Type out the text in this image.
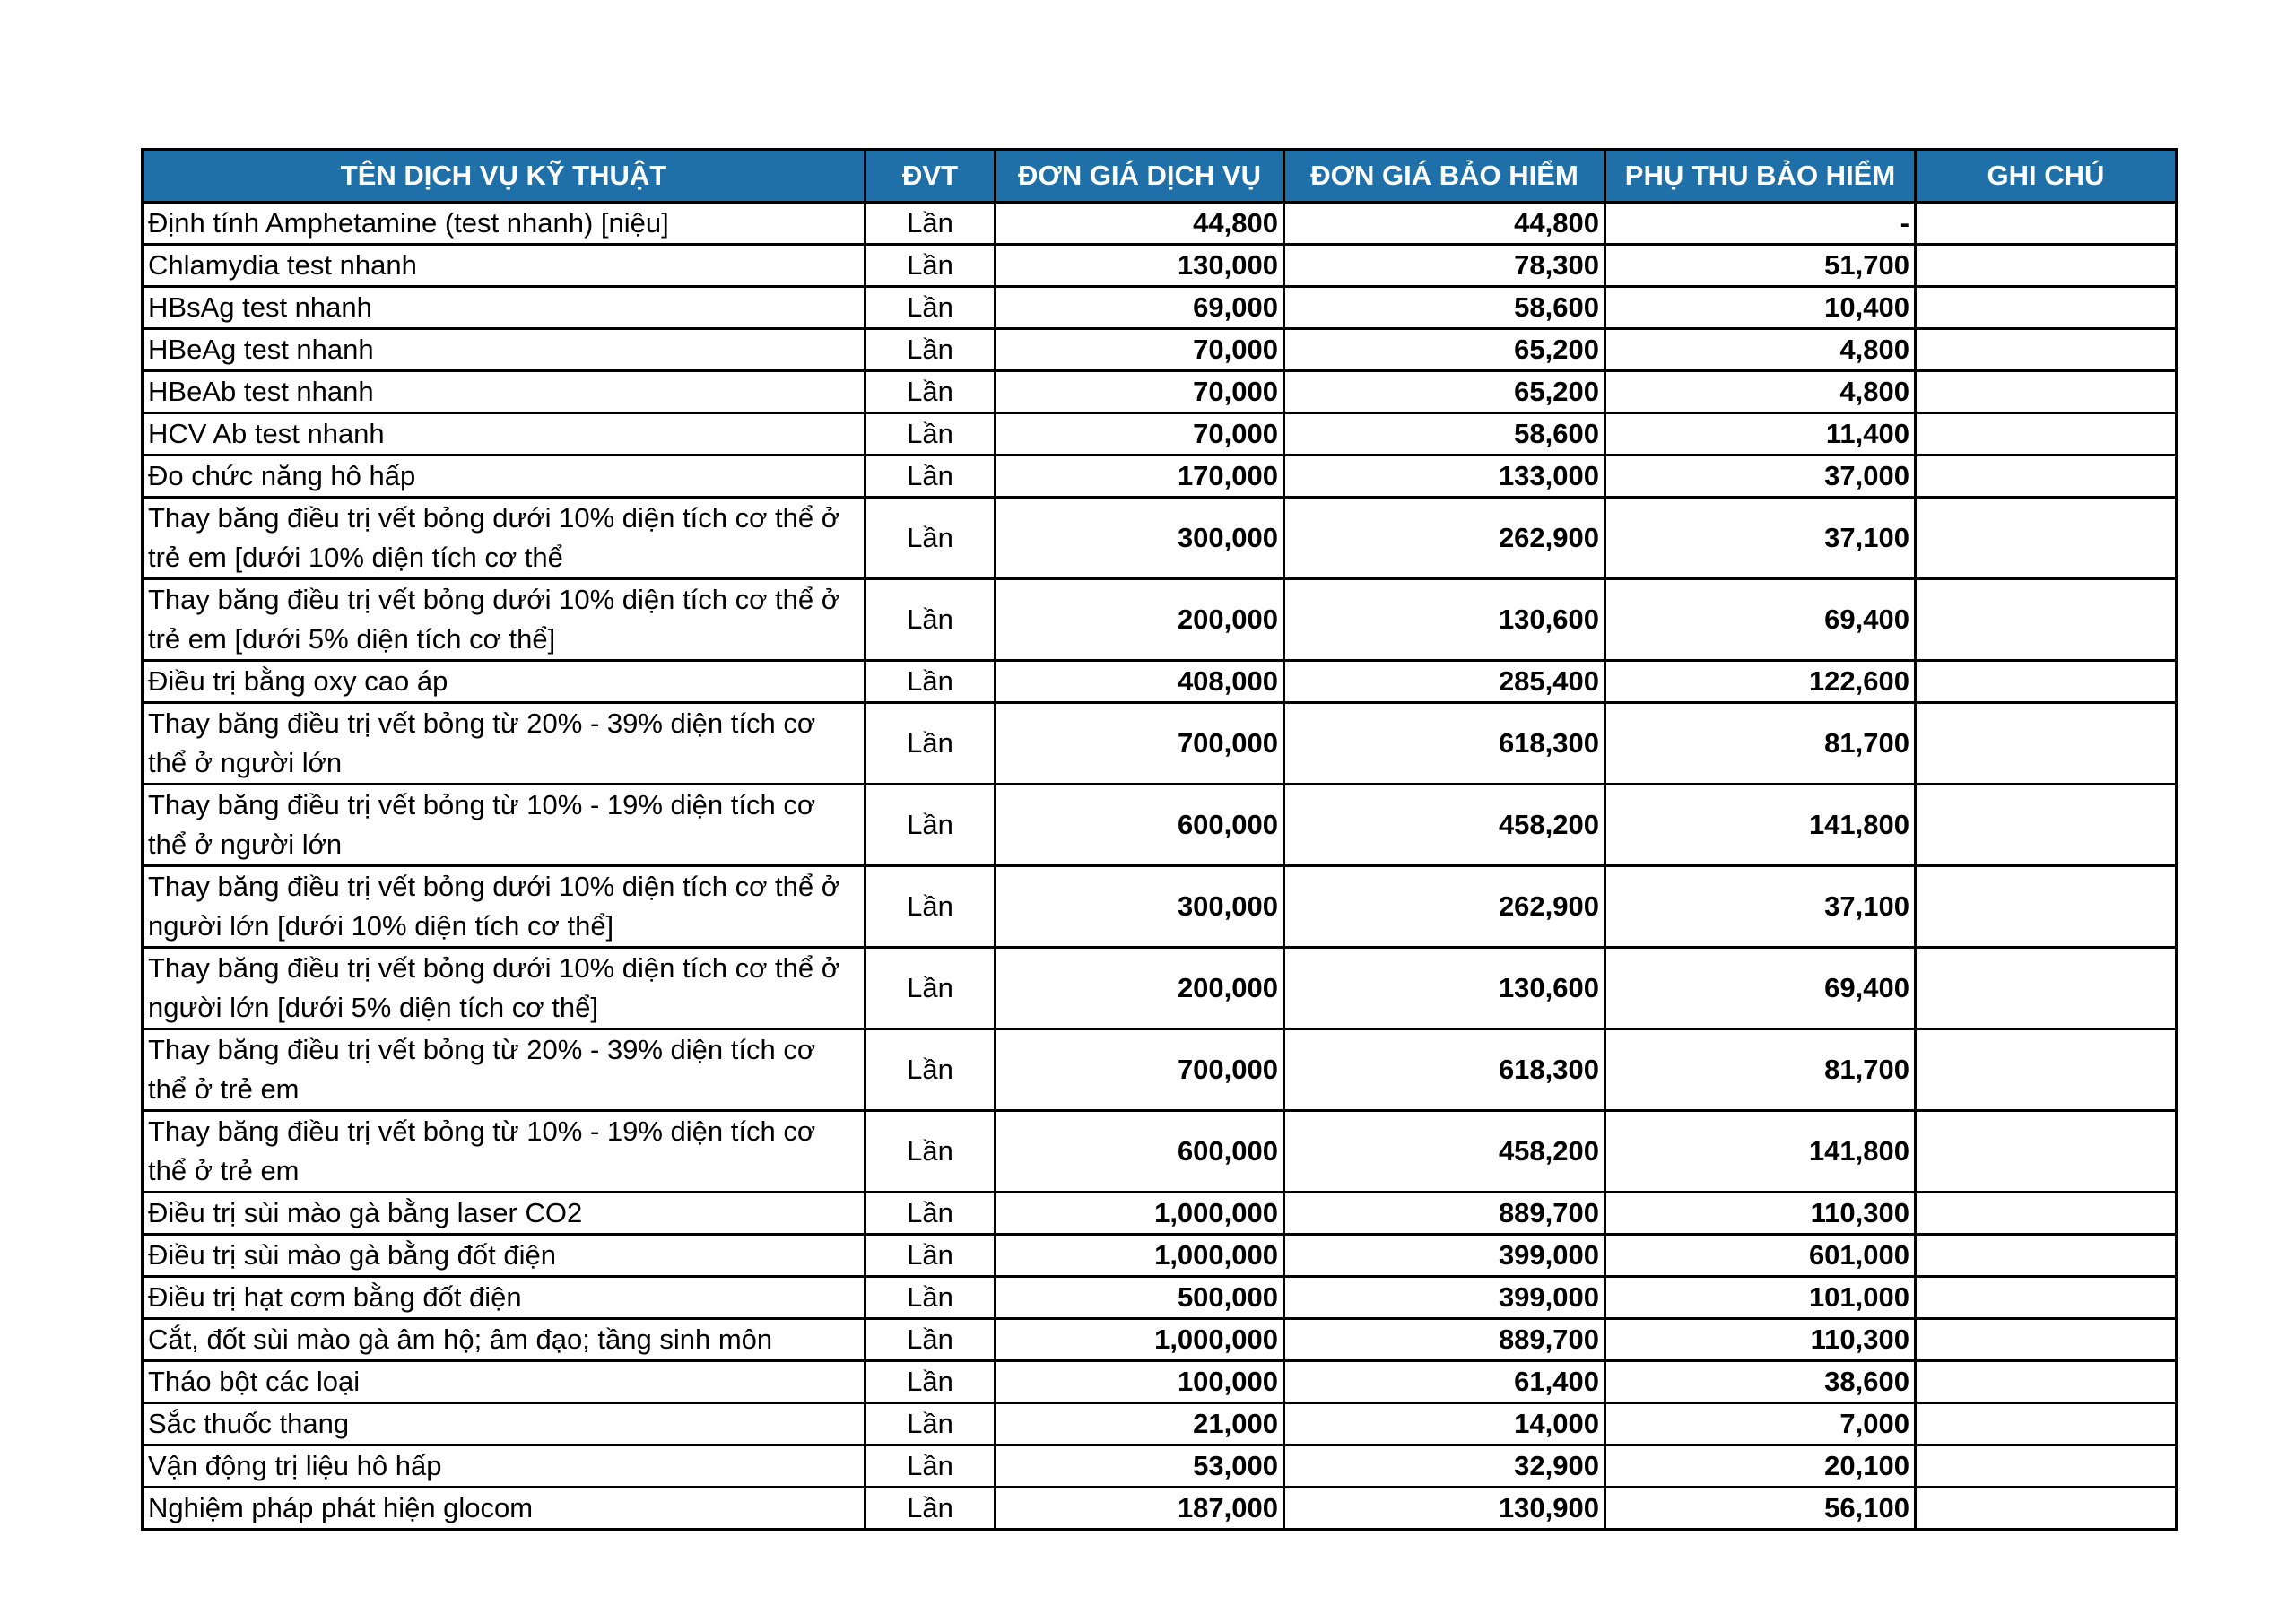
TÊN DỊCH VỤ KỸ THUẬT	ĐVT	ĐƠN GIÁ DỊCH VỤ	ĐƠN GIÁ BẢO HIỂM	PHỤ THU BẢO HIỂM	GHI CHÚ
Định tính Amphetamine (test nhanh) [niệu]	Lần	44,800	44,800	-	
Chlamydia test nhanh	Lần	130,000	78,300	51,700	
HBsAg test nhanh	Lần	69,000	58,600	10,400	
HBeAg test nhanh	Lần	70,000	65,200	4,800	
HBeAb test nhanh	Lần	70,000	65,200	4,800	
HCV Ab test nhanh	Lần	70,000	58,600	11,400	
Đo chức năng hô hấp	Lần	170,000	133,000	37,000	
Thay băng điều trị vết bỏng dưới 10% diện tích cơ thể ở trẻ em [dưới 10% diện tích cơ thể	Lần	300,000	262,900	37,100	
Thay băng điều trị vết bỏng dưới 10% diện tích cơ thể ở trẻ em [dưới 5% diện tích cơ thể]	Lần	200,000	130,600	69,400	
Điều trị bằng oxy cao áp	Lần	408,000	285,400	122,600	
Thay băng điều trị vết bỏng từ 20% - 39% diện tích cơ thể ở người lớn	Lần	700,000	618,300	81,700	
Thay băng điều trị vết bỏng từ 10% - 19% diện tích cơ thể ở người lớn	Lần	600,000	458,200	141,800	
Thay băng điều trị vết bỏng dưới 10% diện tích cơ thể ở người lớn [dưới 10% diện tích cơ thể]	Lần	300,000	262,900	37,100	
Thay băng điều trị vết bỏng dưới 10% diện tích cơ thể ở người lớn [dưới 5% diện tích cơ thể]	Lần	200,000	130,600	69,400	
Thay băng điều trị vết bỏng từ 20% - 39% diện tích cơ thể ở trẻ em	Lần	700,000	618,300	81,700	
Thay băng điều trị vết bỏng từ 10% - 19% diện tích cơ thể ở trẻ em	Lần	600,000	458,200	141,800	
Điều trị sùi mào gà bằng laser CO2	Lần	1,000,000	889,700	110,300	
Điều trị sùi mào gà bằng đốt điện	Lần	1,000,000	399,000	601,000	
Điều trị hạt cơm bằng đốt điện	Lần	500,000	399,000	101,000	
Cắt, đốt sùi mào gà âm hộ; âm đạo; tầng sinh môn	Lần	1,000,000	889,700	110,300	
Tháo bột các loại	Lần	100,000	61,400	38,600	
Sắc thuốc thang	Lần	21,000	14,000	7,000	
Vận động trị liệu hô hấp	Lần	53,000	32,900	20,100	
Nghiệm pháp phát hiện glocom	Lần	187,000	130,900	56,100	
